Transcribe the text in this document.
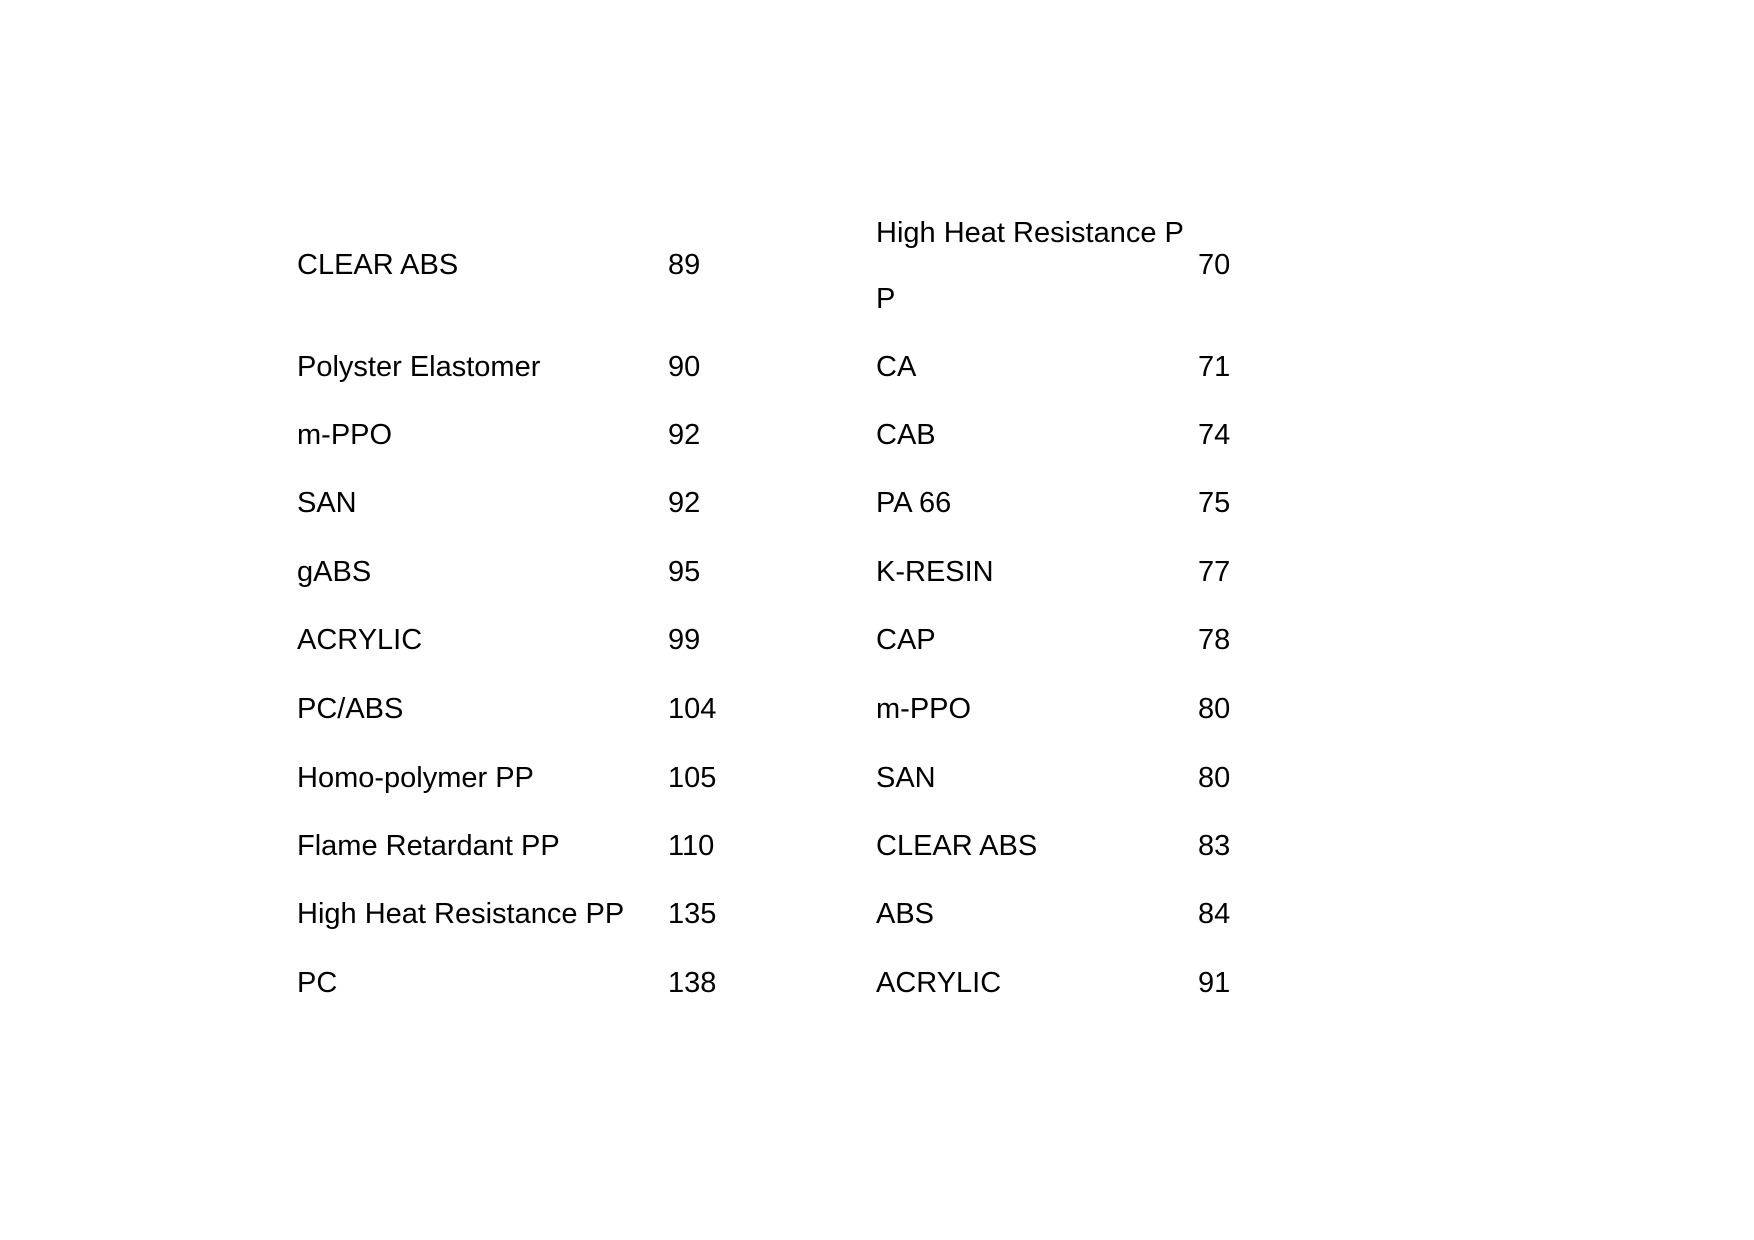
CLEAR ABS
Polyster Elastomer
m-PPO
SAN
gABS
ACRYLIC
PC/ABS
Homo-polymer PP
Flame Retardant PP
High Heat Resistance PP
PC
89
90
92
92
95
99
104
105
110
135
138
High Heat Resistance PP
CA
CAB
PA 66
K-RESIN
CAP
m-PPO
SAN
CLEAR ABS
ABS
ACRYLIC
70
71
74
75
77
78
80
80
83
84
91
